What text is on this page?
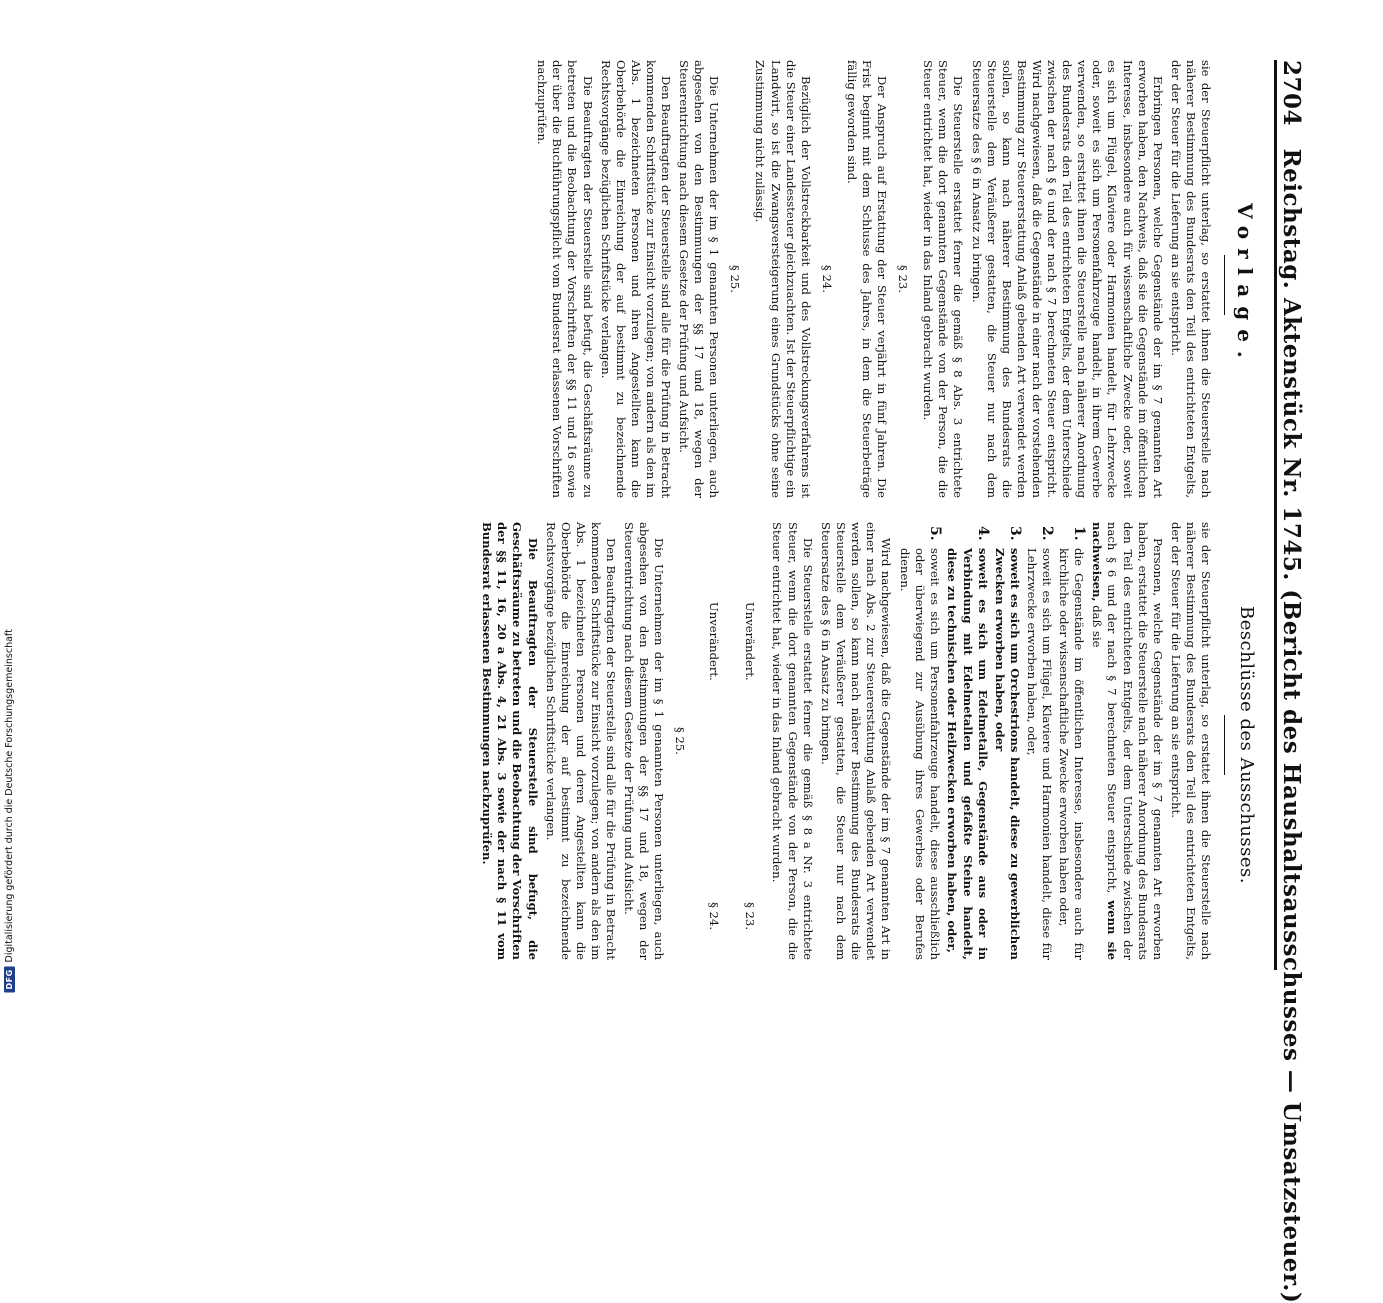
2704 Reichstag. Aktenstück Nr. 1745. (Bericht des Haushaltsausschusses — Umsatzsteuer.)
Vorlage.
Beschlüsse des Ausschusses.

sie der Steuerpflicht unterlag, so erstattet ihnen die Steuerstelle nach näherer Bestimmung des Bundesrats den Teil des entrichteten Entgelts, der der Steuer für die Lieferung an sie entspricht.

Erbringen Personen, welche Gegenstände der im § 7 genannten Art erworben haben, den Nachweis, daß sie die Gegenstände im öffentlichen Interesse, insbesondere auch für wissenschaftliche Zwecke oder, soweit es sich um Flügel, Klaviere oder Harmonien handelt, für Lehrzwecke oder, soweit es sich um Personenfahrzeuge handelt, in ihrem Gewerbe verwenden, so erstattet ihnen die Steuerstelle nach näherer Anordnung des Bundesrats den Teil des entrichteten Entgelts, der dem Unterschiede zwischen der nach § 6 und der nach § 7 berechneten Steuer entspricht. Wird nachgewiesen, daß die Gegenstände in einer nach der vorstehenden Bestimmung zur Steuererstattung Anlaß gebenden Art verwendet werden sollen, so kann nach näherer Bestimmung des Bundesrats die Steuerstelle dem Veräußerer gestatten, die Steuer nur nach dem Steuersatze des § 6 in Ansatz zu bringen.

Die Steuerstelle erstattet ferner die gemäß § 8 Abs. 3 entrichtete Steuer, wenn die dort genannten Gegenstände von der Person, die die Steuer entrichtet hat, wieder in das Inland gebracht wurden.

§ 23.

Der Anspruch auf Erstattung der Steuer verjährt in fünf Jahren. Die Frist beginnt mit dem Schlusse des Jahres, in dem die Steuerbeträge fällig geworden sind.

§ 24.

Bezüglich der Vollstreckbarkeit und des Vollstreckungsverfahrens ist die Steuer einer Landessteuer gleichzuachten. Ist der Steuerpflichtige ein Landwirt, so ist die Zwangsversteigerung eines Grundstücks ohne seine Zustimmung nicht zulässig.

§ 25.

Die Unternehmen der im § 1 genannten Personen unterliegen, auch abgesehen von den Bestimmungen der §§ 17 und 18, wegen der Steuerentrichtung nach diesem Gesetze der Prüfung und Aufsicht.

Den Beauftragten der Steuerstelle sind alle für die Prüfung in Betracht kommenden Schriftstücke zur Einsicht vorzulegen; von andern als den im Abs. 1 bezeichneten Personen und ihren Angestellten kann die Oberbehörde die Einreichung der auf bestimmt zu bezeichnende Rechtsvorgänge bezüglichen Schriftstücke verlangen.

Die Beauftragten der Steuerstelle sind befugt, die Geschäftsräume zu betreten und die Beobachtung der Vorschriften der §§ 11 und 16 sowie der über die Buchführungspflicht vom Bundesrat erlassenen Vorschriften nachzuprüfen.

sie der Steuerpflicht unterlag, so erstattet ihnen die Steuerstelle nach näherer Bestimmung des Bundesrats den Teil des entrichteten Entgelts, der der Steuer für die Lieferung an sie entspricht.

Personen, welche Gegenstände der im § 7 genannten Art erworben haben, erstattet die Steuerstelle nach näherer Anordnung des Bundesrats den Teil des entrichteten Entgelts, der dem Unterschiede zwischen der nach § 6 und der nach § 7 berechneten Steuer entspricht, wenn sie nachweisen, daß sie

1.
die Gegenstände im öffentlichen Interesse, insbesondere auch für kirchliche oder wissenschaftliche Zwecke erworben haben oder,
2.
soweit es sich um Flügel, Klaviere und Harmonien handelt, diese für Lehrzwecke erworben haben, oder,
3.
soweit es sich um Orchestrions handelt, diese zu gewerblichen Zwecken erworben haben, oder
4.
soweit es sich um Edelmetalle, Gegenstände aus oder in Verbindung mit Edelmetallen und gefaßte Steine handelt, diese zu technischen oder Heilzwecken erworben haben, oder,
5.
soweit es sich um Personenfahrzeuge handelt, diese ausschließlich oder überwiegend zur Ausübung ihres Gewerbes oder Berufes dienen.

Wird nachgewiesen, daß die Gegenstände der im § 7 genannten Art in einer nach Abs. 2 zur Steuererstattung Anlaß gebenden Art verwendet werden sollen, so kann nach näherer Bestimmung des Bundesrats die Steuerstelle dem Veräußerer gestatten, die Steuer nur nach dem Steuersatze des § 6 in Ansatz zu bringen.

Die Steuerstelle erstattet ferner die gemäß § 8 a Nr. 3 entrichtete Steuer, wenn die dort genannten Gegenstände von der Person, die die Steuer entrichtet hat, wieder in das Inland gebracht wurden.

Unverändert.
§ 23.
Unverändert.
§ 24.
§ 25.

Die Unternehmen der im § 1 genannten Personen unterliegen, auch abgesehen von den Bestimmungen der §§ 17 und 18, wegen der Steuerentrichtung nach diesem Gesetze der Prüfung und Aufsicht.

Den Beauftragten der Steuerstelle sind alle für die Prüfung in Betracht kommenden Schriftstücke zur Einsicht vorzulegen; von andern als den im Abs. 1 bezeichneten Personen und deren Angestellten kann die Oberbehörde die Einreichung der auf bestimmt zu bezeichnende Rechtsvorgänge bezüglichen Schriftstücke verlangen.

Die Beauftragten der Steuerstelle sind befugt, die Geschäftsräume zu betreten und die Beobachtung der Vorschriften der §§ 11, 16, 20 a Abs. 4, 21 Abs. 3 sowie der nach § 11 vom Bundesrat erlassenen Bestimmungen nachzuprüfen.

DFG
Digitalisierung gefördert durch die Deutsche Forschungsgemeinschaft
